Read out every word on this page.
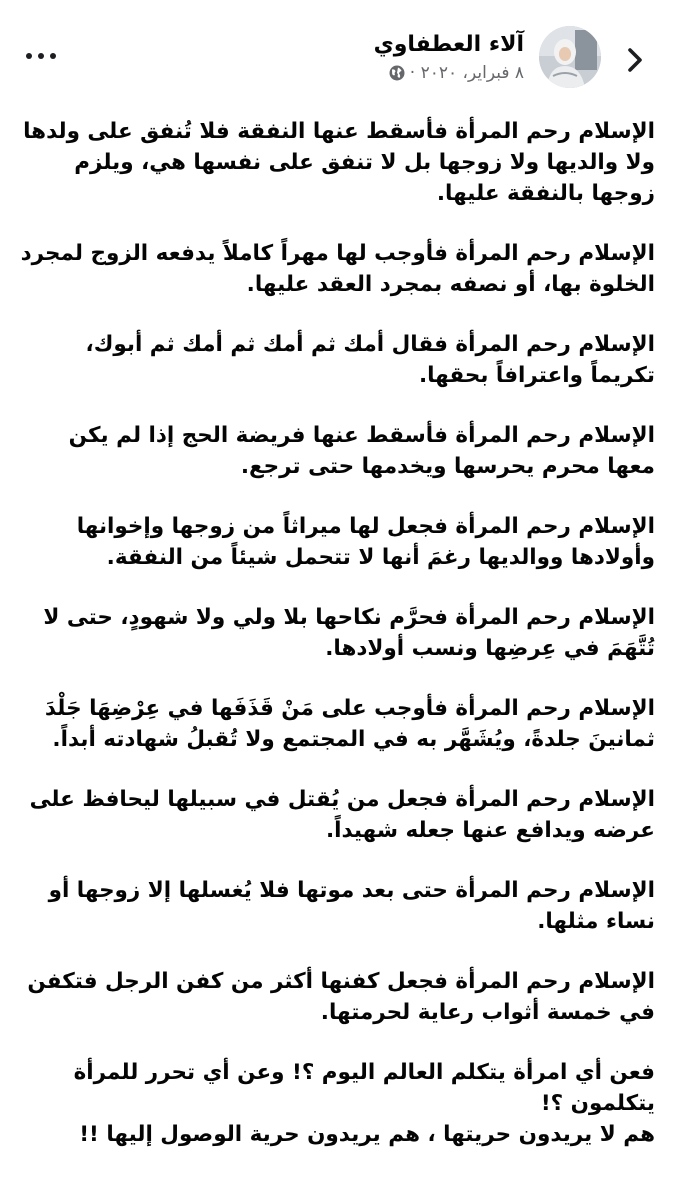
آلاء العطفاوي
٨ فبراير، ٢٠٢٠ ·

الإسلام رحم المرأة فأسقط عنها النفقة فلا تُنفق على ولدها ولا والديها ولا زوجها بل لا تنفق على نفسها هي، ويلزم زوجها بالنفقة عليها.

الإسلام رحم المرأة فأوجب لها مهراً كاملاً يدفعه الزوج لمجرد الخلوة بها، أو نصفه بمجرد العقد عليها.

الإسلام رحم المرأة فقال أمك ثم أمك ثم أمك ثم أبوك، تكريماً واعترافاً بحقها.

الإسلام رحم المرأة فأسقط عنها فريضة الحج إذا لم يكن معها محرم يحرسها ويخدمها حتى ترجع.

الإسلام رحم المرأة فجعل لها ميراثاً من زوجها وإخوانها وأولادها ووالديها رغمَ أنها لا تتحمل شيئاً من النفقة.

الإسلام رحم المرأة فحرَّم نكاحها بلا ولي ولا شهودٍ، حتى لا تُتَّهَمَ في عِرضِها ونسب أولادها.

الإسلام رحم المرأة فأوجب على مَنْ قَذَفَها في عِرْضِهَا جَلْدَ ثمانينَ جلدةً، ويُشَهَّر به في المجتمع ولا تُقبلُ شهادته أبداً.

الإسلام رحم المرأة فجعل من يُقتل في سبيلها ليحافظ على عرضه ويدافع عنها جعله شهيداً.

الإسلام رحم المرأة حتى بعد موتها فلا يُغسلها إلا زوجها أو نساء مثلها.

الإسلام رحم المرأة فجعل كفنها أكثر من كفن الرجل فتكفن في خمسة أثواب رعاية لحرمتها.

فعن أي امرأة يتكلم العالم اليوم ؟! وعن أي تحرر للمرأة يتكلمون ؟!

هم لا يريدون حريتها ، هم يريدون حرية الوصول إليها !!
